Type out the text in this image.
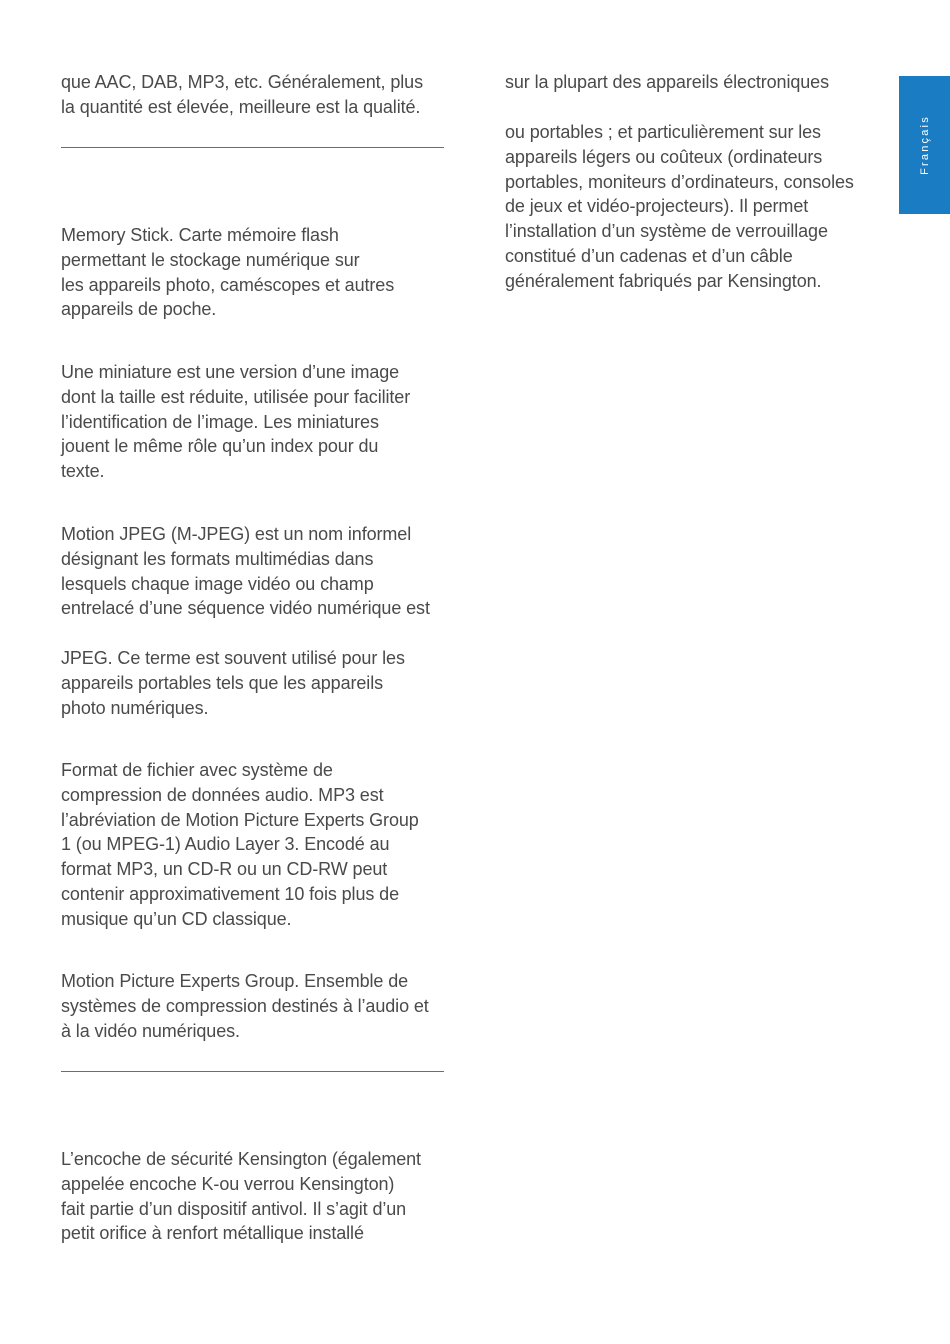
que AAC, DAB, MP3, etc. Généralement, plus
la quantité est élevée, meilleure est la qualité.

Memory Stick. Carte mémoire flash
permettant le stockage numérique sur
les appareils photo, caméscopes et autres
appareils de poche.

Une miniature est une version d’une image
dont la taille est réduite, utilisée pour faciliter
l’identification de l’image. Les miniatures
jouent le même rôle qu’un index pour du
texte.

Motion JPEG (M-JPEG) est un nom informel
désignant les formats multimédias dans
lesquels chaque image vidéo ou champ
entrelacé d’une séquence vidéo numérique est

JPEG. Ce terme est souvent utilisé pour les
appareils portables tels que les appareils
photo numériques.

Format de fichier avec système de
compression de données audio. MP3 est
l’abréviation de Motion Picture Experts Group
1 (ou MPEG-1) Audio Layer 3. Encodé au
format MP3, un CD-R ou un CD-RW peut
contenir approximativement 10 fois plus de
musique qu’un CD classique.

Motion Picture Experts Group. Ensemble de
systèmes de compression destinés à l’audio et
à la vidéo numériques.

L’encoche de sécurité Kensington (également
appelée encoche K-ou verrou Kensington)
fait partie d’un dispositif antivol. Il s’agit d’un
petit orifice à renfort métallique installé

sur la plupart des appareils électroniques

ou portables ; et particulièrement sur les
appareils légers ou coûteux (ordinateurs
portables, moniteurs d’ordinateurs, consoles
de jeux et vidéo-projecteurs). Il permet
l’installation d’un système de verrouillage
constitué d’un cadenas et d’un câble
généralement fabriqués par Kensington.

Français
